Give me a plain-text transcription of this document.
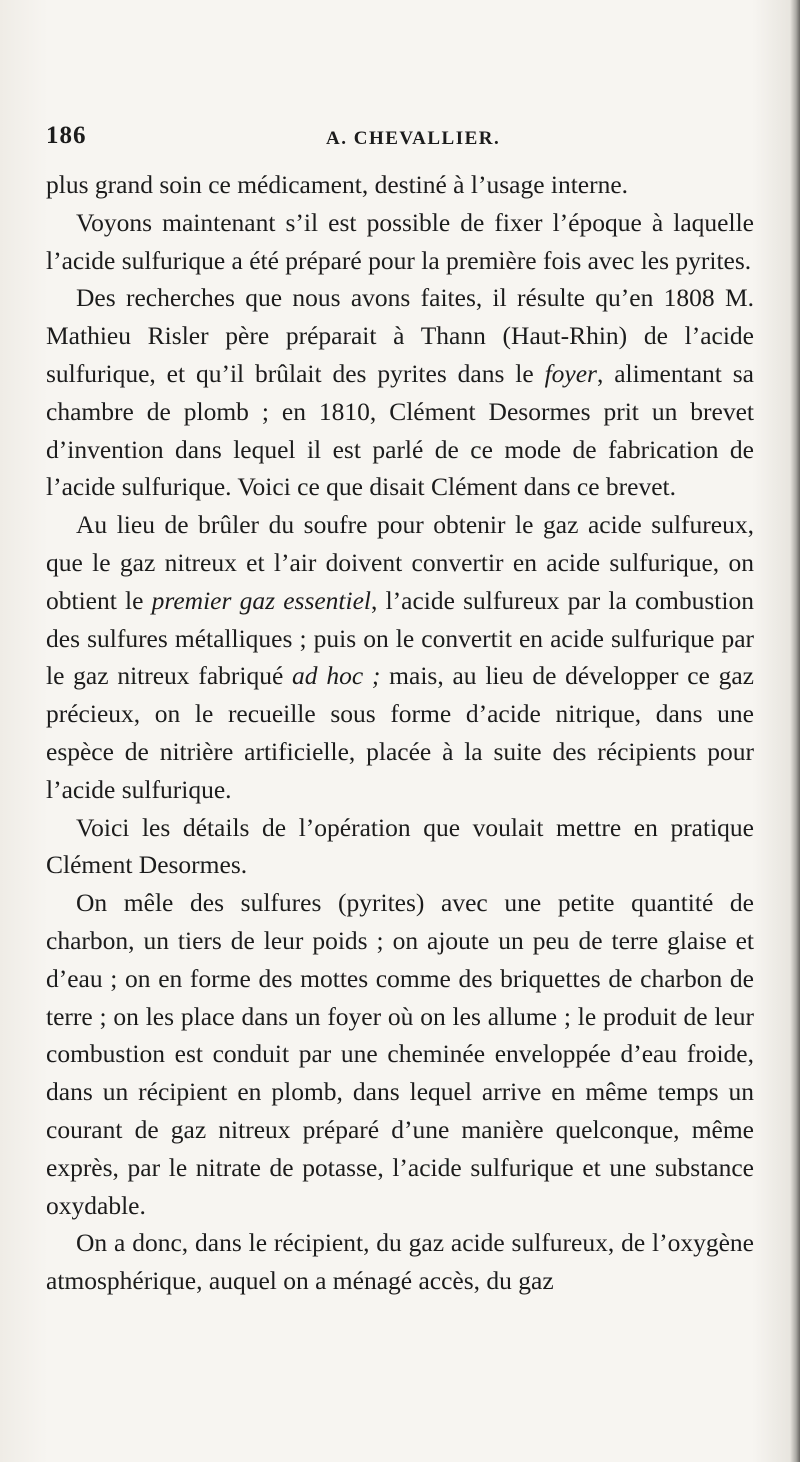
186	A. CHEVALLIER.

plus grand soin ce médicament, destiné à l’usage interne.

Voyons maintenant s’il est possible de fixer l’époque à laquelle l’acide sulfurique a été préparé pour la première fois avec les pyrites.

Des recherches que nous avons faites, il résulte qu’en 1808 M. Mathieu Risler père préparait à Thann (Haut-Rhin) de l’acide sulfurique, et qu’il brûlait des pyrites dans le foyer, alimentant sa chambre de plomb ; en 1810, Clément Desormes prit un brevet d’invention dans lequel il est parlé de ce mode de fabrication de l’acide sulfurique. Voici ce que disait Clément dans ce brevet.

Au lieu de brûler du soufre pour obtenir le gaz acide sulfureux, que le gaz nitreux et l’air doivent convertir en acide sulfurique, on obtient le premier gaz essentiel, l’acide sulfureux par la combustion des sulfures métalliques ; puis on le convertit en acide sulfurique par le gaz nitreux fabriqué ad hoc ; mais, au lieu de développer ce gaz précieux, on le recueille sous forme d’acide nitrique, dans une espèce de nitrière artificielle, placée à la suite des récipients pour l’acide sulfurique.

Voici les détails de l’opération que voulait mettre en pratique Clément Desormes.

On mêle des sulfures (pyrites) avec une petite quantité de charbon, un tiers de leur poids ; on ajoute un peu de terre glaise et d’eau ; on en forme des mottes comme des briquettes de charbon de terre ; on les place dans un foyer où on les allume ; le produit de leur combustion est conduit par une cheminée enveloppée d’eau froide, dans un récipient en plomb, dans lequel arrive en même temps un courant de gaz nitreux préparé d’une manière quelconque, même exprès, par le nitrate de potasse, l’acide sulfurique et une substance oxydable.

On a donc, dans le récipient, du gaz acide sulfureux, de l’oxygène atmosphérique, auquel on a ménagé accès, du gaz
